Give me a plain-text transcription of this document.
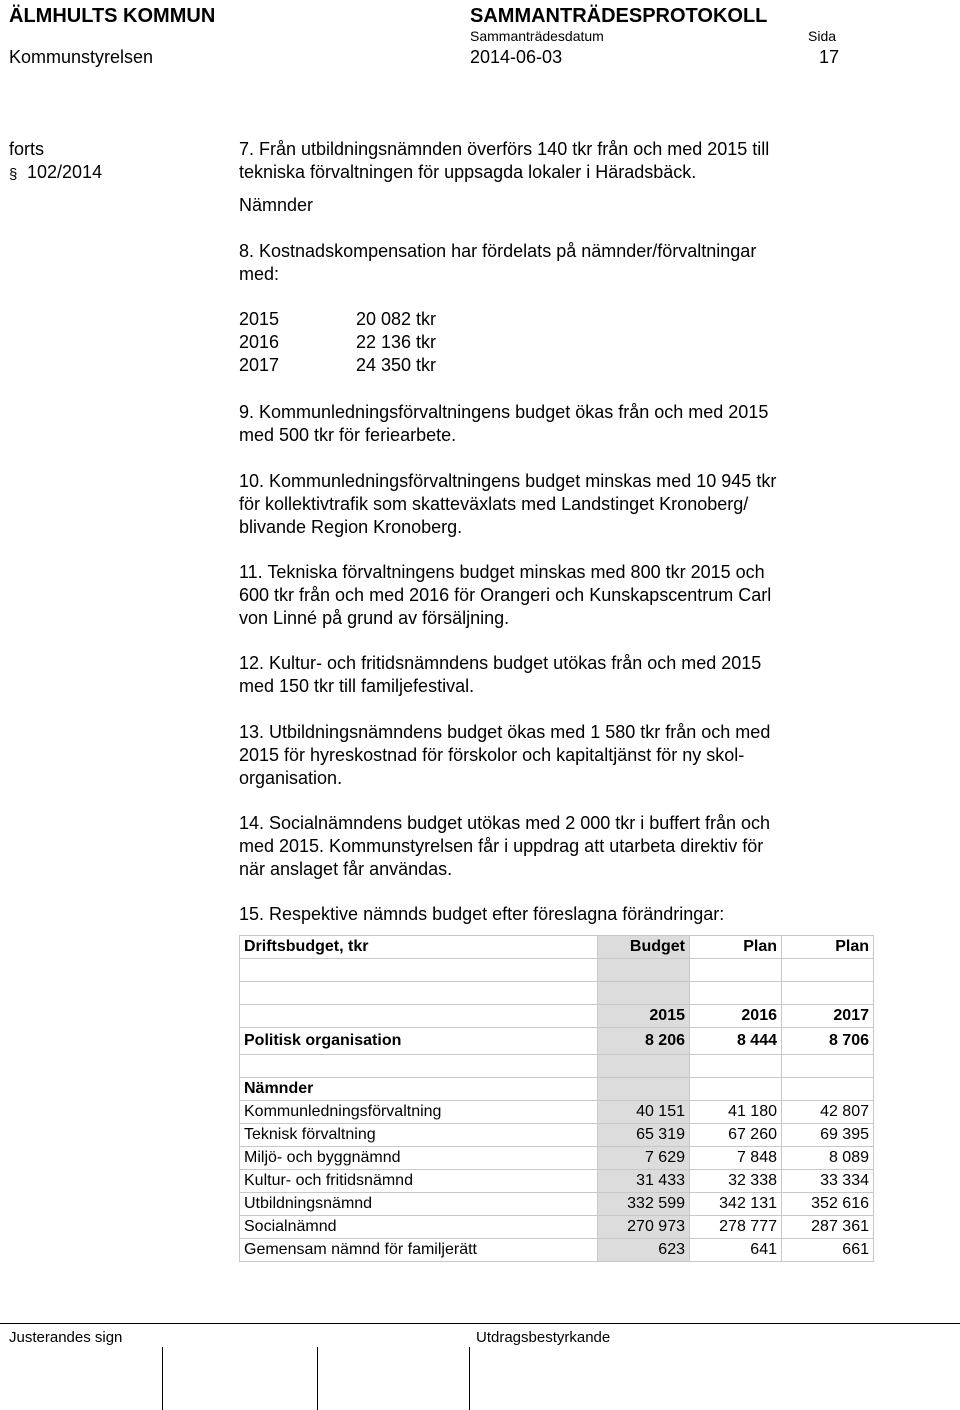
ÄLMHULTS KOMMUN	SAMMANTRÄDESPROTOKOLL
Sammanträdesdatum	Sida
Kommunstyrelsen	2014-06-03	17
forts
§ 102/2014
7. Från utbildningsnämnden överförs 140 tkr från och med 2015 till
tekniska förvaltningen för uppsagda lokaler i Häradsbäck.
Nämnder
8. Kostnadskompensation har fördelats på nämnder/förvaltningar
med:
2015	20 082 tkr
2016	22 136 tkr
2017	24 350 tkr
9. Kommunledningsförvaltningens budget ökas från och med 2015
med 500 tkr för feriearbete.
10. Kommunledningsförvaltningens budget minskas med 10 945 tkr
för kollektivtrafik som skatteväxlats med Landstinget Kronoberg/
blivande Region Kronoberg.
11. Tekniska förvaltningens budget minskas med 800 tkr 2015 och
600 tkr från och med 2016 för Orangeri och Kunskapscentrum Carl
von Linné på grund av försäljning.
12. Kultur- och fritidsnämndens budget utökas från och med 2015
med 150 tkr till familjefestival.
13. Utbildningsnämndens budget ökas med 1 580 tkr från och med
2015 för hyreskostnad för förskolor och kapitaltjänst för ny skol-
organisation.
14. Socialnämndens budget utökas med 2 000 tkr i buffert från och
med 2015. Kommunstyrelsen får i uppdrag att utarbeta direktiv för
när anslaget får användas.
15. Respektive nämnds budget efter föreslagna förändringar:
Driftsbudget, tkr	Budget	Plan	Plan

	2015	2016	2017
Politisk organisation	8 206	8 444	8 706

Nämnder			
Kommunledningsförvaltning	40 151	41 180	42 807
Teknisk förvaltning	65 319	67 260	69 395
Miljö- och byggnämnd	7 629	7 848	8 089
Kultur- och fritidsnämnd	31 433	32 338	33 334
Utbildningsnämnd	332 599	342 131	352 616
Socialnämnd	270 973	278 777	287 361
Gemensam nämnd för familjerätt	623	641	661
Justerandes sign	Utdragsbestyrkande
